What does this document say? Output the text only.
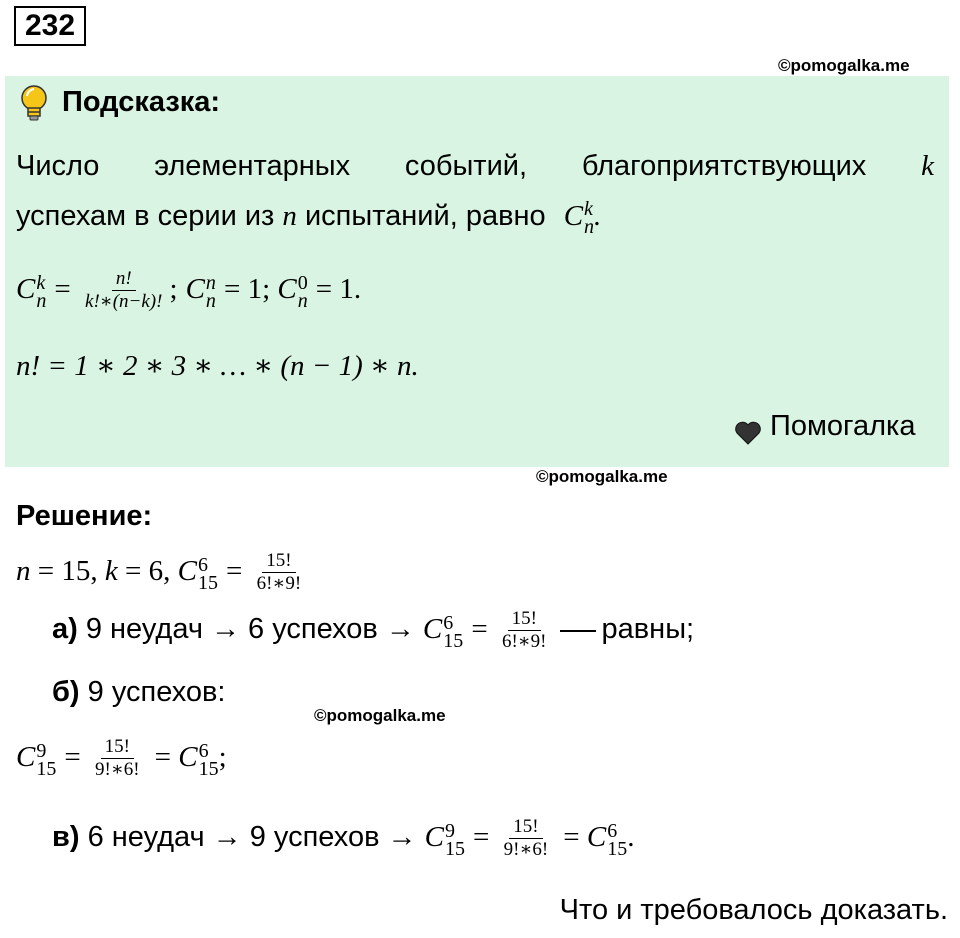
232
©pomogalka.me
Подсказка:
Число элементарных событий, благоприятствующих k
успехам в серии из n испытаний, равно C k
n .
C k
$n = \frac{n!}{k!∗(n-k)!}$ ; C n
n = 1; C 0
n = 1.
n! = 1 ∗ 2 ∗ 3 ∗ … ∗ (n − 1) ∗ n.
Помогалка
©pomogalka.me
Решение:
n = 15, k = 6, C 6
$15 = \frac{15!}{6!∗9!}$
а) 9 неудач → 6 успехов → C 6
$15 = \frac{15!}{6!∗9!}$ равны;
б) 9 успехов:
©pomogalka.me
C 9
$15 = \frac{15!}{9!∗6!} = C$ 6
15 ;
в) 6 неудач → 9 успехов → C 9
$15 = \frac{15!}{9!∗6!} = C$ 6
15 .
Что и требовалось доказать.
